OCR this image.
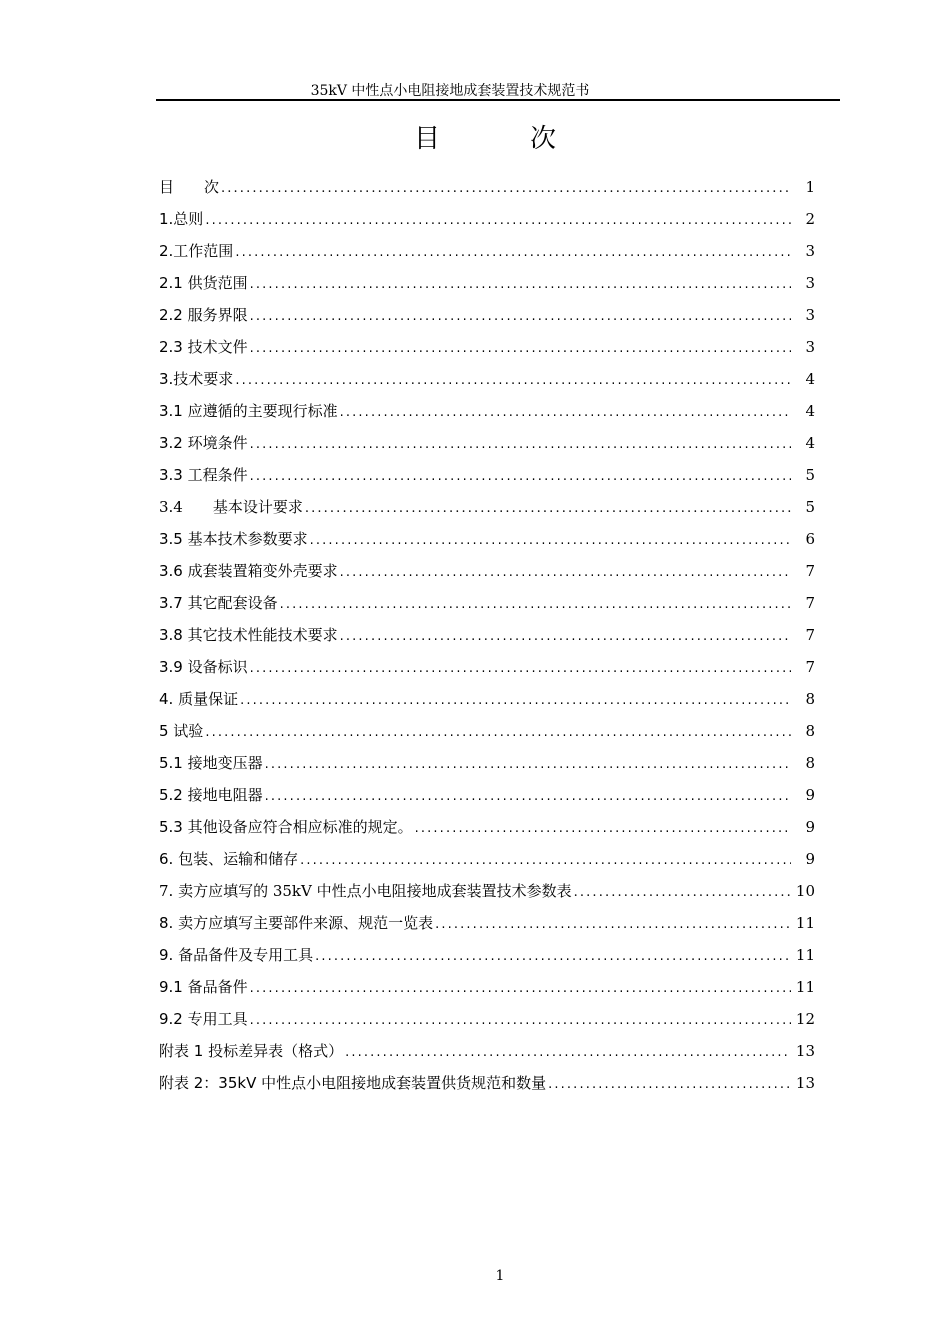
35kV 中性点小电阻接地成套装置技术规范书
目　次
目　　次 . . .	1
1.总则 . . .	2
2.工作范围 . . .	3
2.1 供货范围 . . .	3
2.2 服务界限 . . .	3
2.3 技术文件 . . .	3
3.技术要求 . . .	4
3.1 应遵循的主要现行标准 . . .	4
3.2 环境条件 . . .	4
3.3 工程条件 . . .	5
3.4　　基本设计要求 . . .	5
3.5 基本技术参数要求 . . .	6
3.6 成套装置箱变外壳要求 . . .	7
3.7 其它配套设备 . . .	7
3.8 其它技术性能技术要求 . . .	7
3.9 设备标识 . . .	7
4. 质量保证 . . .	8
5 试验 . . .	8
5.1 接地变压器 . . .	8
5.2 接地电阻器 . . .	9
5.3 其他设备应符合相应标准的规定。 . . .	9
6. 包装、运输和储存 . . .	9
7. 卖方应填写的 35kV 中性点小电阻接地成套装置技术参数表 . . .	10
8. 卖方应填写主要部件来源、规范一览表 . . .	11
9. 备品备件及专用工具 . . .	11
9.1 备品备件 . . .	11
9.2 专用工具 . . .	12
附表 1 投标差异表（格式） . . .	13
附表 2：35kV 中性点小电阻接地成套装置供货规范和数量 . . .	13
1
